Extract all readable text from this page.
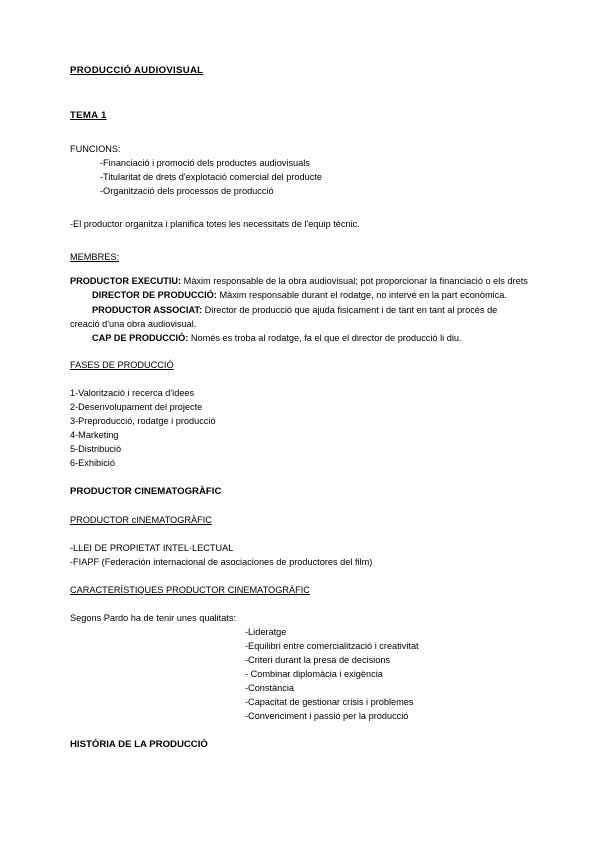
PRODUCCIÓ AUDIOVISUAL
TEMA 1
FUNCIONS:
-Financiació i promoció dels productes audiovisuals
-Titularitat de drets d'explotació comercial del producte
-Organització dels processos de producció
-El productor organitza i planifica totes les necessitats de l'equip tècnic.
MEMBRES:
PRODUCTOR EXECUTIU: Màxim responsable de la obra audiovisual; pot proporcionar la financiació o els drets
DIRECTOR DE PRODUCCIÓ: Màxim responsable durant el rodatge, no intervé en la part econòmica.
PRODUCTOR ASSOCIAT: Director de producció que ajuda fisicament i de tant en tant al procés de creació d'una obra audiovisual.
CAP DE PRODUCCIÓ: Només es troba al rodatge, fa el que el director de producció li diu.
FASES DE PRODUCCIÓ
1-Valorització i recerca d'idees
2-Desenvolupament del projecte
3-Preproducció, rodatge i producció
4-Marketing
5-Distribució
6-Exhibició
PRODUCTOR CINEMATOGRÀFIC
PRODUCTOR cINEMATOGRÀFIC
-LLEI DE PROPIETAT INTEL·LECTUAL
-FIAPF (Federación internacional de asociaciones de productores del film)
CARACTERÍSTIQUES PRODUCTOR CINEMATOGRÀFIC
Segons Pardo ha de tenir unes qualitats:
-Lideratge
-Equilibri entre comercialització i creativitat
-Criteri durant la presa de decisions
- Combinar diplomàcia i exigència
-Constància
-Capacitat de gestionar crisis i problemes
-Convenciment i passió per la producció
HISTÒRIA DE LA PRODUCCIÓ
